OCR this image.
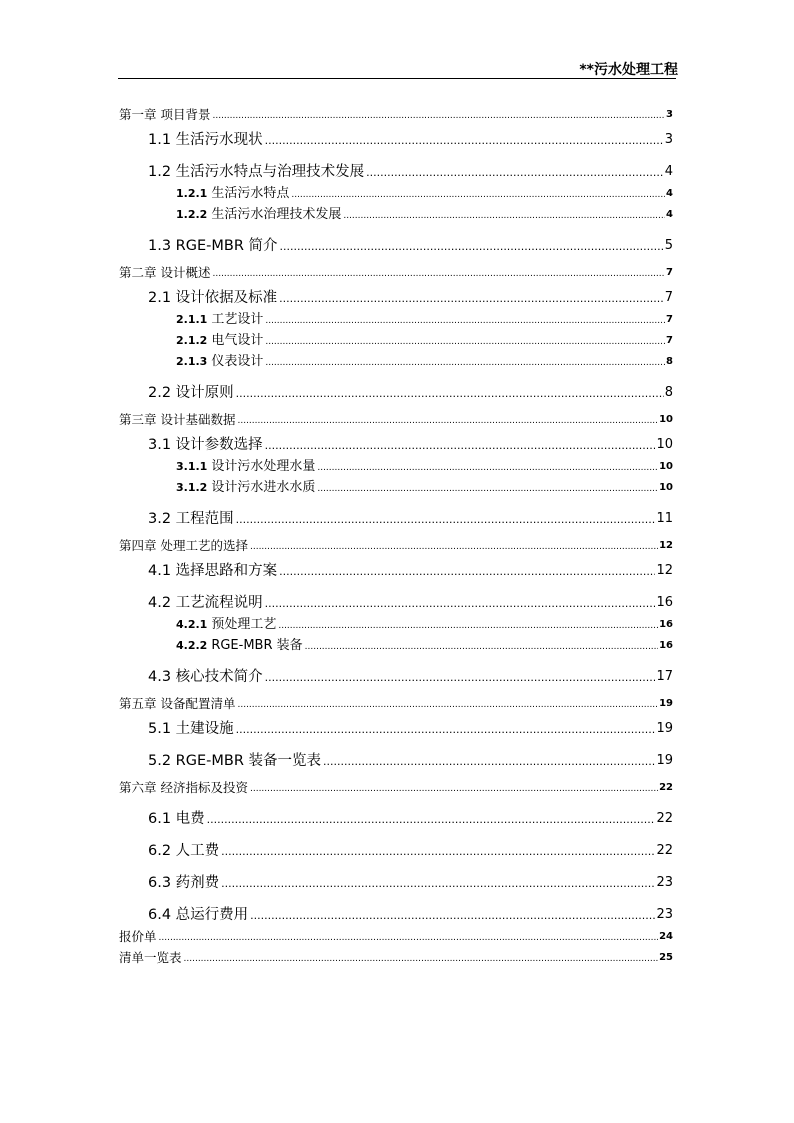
**污水处理工程
第一章 项目背景 .....	3
1.1 生活污水现状 .....	3
1.2 生活污水特点与治理技术发展 .....	4
1.2.1 生活污水特点 .....	4
1.2.2 生活污水治理技术发展 .....	4
1.3 RGE-MBR 简介 .....	5
第二章 设计概述 .....	7
2.1 设计依据及标准 .....	7
2.1.1 工艺设计 .....	7
2.1.2 电气设计 .....	7
2.1.3 仪表设计 .....	8
2.2 设计原则 .....	8
第三章 设计基础数据 .....	10
3.1 设计参数选择 .....	10
3.1.1 设计污水处理水量 .....	10
3.1.2 设计污水进水水质 .....	10
3.2 工程范围 .....	11
第四章 处理工艺的选择 .....	12
4.1 选择思路和方案 .....	12
4.2 工艺流程说明 .....	16
4.2.1 预处理工艺 .....	16
4.2.2 RGE-MBR 装备 .....	16
4.3 核心技术简介 .....	17
第五章 设备配置清单 .....	19
5.1 土建设施 .....	19
5.2 RGE-MBR 装备一览表 .....	19
第六章 经济指标及投资 .....	22
6.1 电费 .....	22
6.2 人工费 .....	22
6.3 药剂费 .....	23
6.4 总运行费用 .....	23
报价单 .....	24
清单一览表 .....	25
